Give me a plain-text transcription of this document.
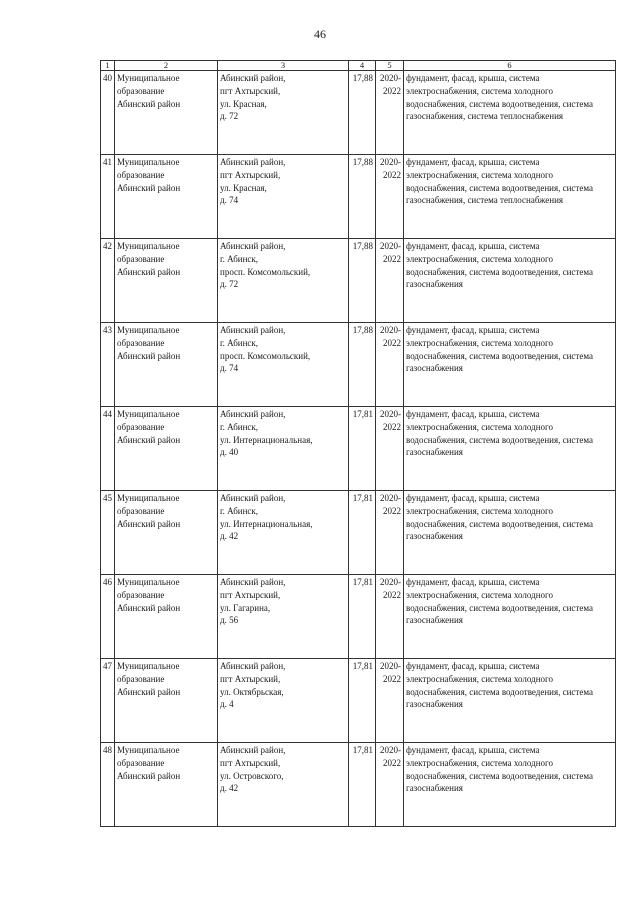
46
1	2	3	4	5	6
40	Муниципальное
образование
Абинский район	Абинский район,
пгт Ахтырский,
ул. Красная,
д. 72	17,88	2020-
2022	фундамент, фасад, крыша, система электроснабжения, система холодного водоснабжения, система водоотведения, система газоснабжения, система теплоснабжения

41	Муниципальное
образование
Абинский район	Абинский район,
пгт Ахтырский,
ул. Красная,
д. 74	17,88	2020-
2022	фундамент, фасад, крыша, система электроснабжения, система холодного водоснабжения, система водоотведения, система газоснабжения, система теплоснабжения

42	Муниципальное
образование
Абинский район	Абинский район,
г. Абинск,
просп. Комсомольский,
д. 72	17,88	2020-
2022	фундамент, фасад, крыша, система электроснабжения, система холодного водоснабжения, система водоотведения, система газоснабжения

43	Муниципальное
образование
Абинский район	Абинский район,
г. Абинск,
просп. Комсомольский,
д. 74	17,88	2020-
2022	фундамент, фасад, крыша, система электроснабжения, система холодного водоснабжения, система водоотведения, система газоснабжения

44	Муниципальное
образование
Абинский район	Абинский район,
г. Абинск,
ул. Интернациональная,
д. 40	17,81	2020-
2022	фундамент, фасад, крыша, система электроснабжения, система холодного водоснабжения, система водоотведения, система газоснабжения

45	Муниципальное
образование
Абинский район	Абинский район,
г. Абинск,
ул. Интернациональная,
д. 42	17,81	2020-
2022	фундамент, фасад, крыша, система электроснабжения, система холодного водоснабжения, система водоотведения, система газоснабжения

46	Муниципальное
образование
Абинский район	Абинский район,
пгт Ахтырский,
ул. Гагарина,
д. 56	17,81	2020-
2022	фундамент, фасад, крыша, система электроснабжения, система холодного водоснабжения, система водоотведения, система газоснабжения

47	Муниципальное
образование
Абинский район	Абинский район,
пгт Ахтырский,
ул. Октябрьская,
д. 4	17,81	2020-
2022	фундамент, фасад, крыша, система электроснабжения, система холодного водоснабжения, система водоотведения, система газоснабжения

48	Муниципальное
образование
Абинский район	Абинский район,
пгт Ахтырский,
ул. Островского,
д. 42	17,81	2020-
2022	фундамент, фасад, крыша, система электроснабжения, система холодного водоснабжения, система водоотведения, система газоснабжения
